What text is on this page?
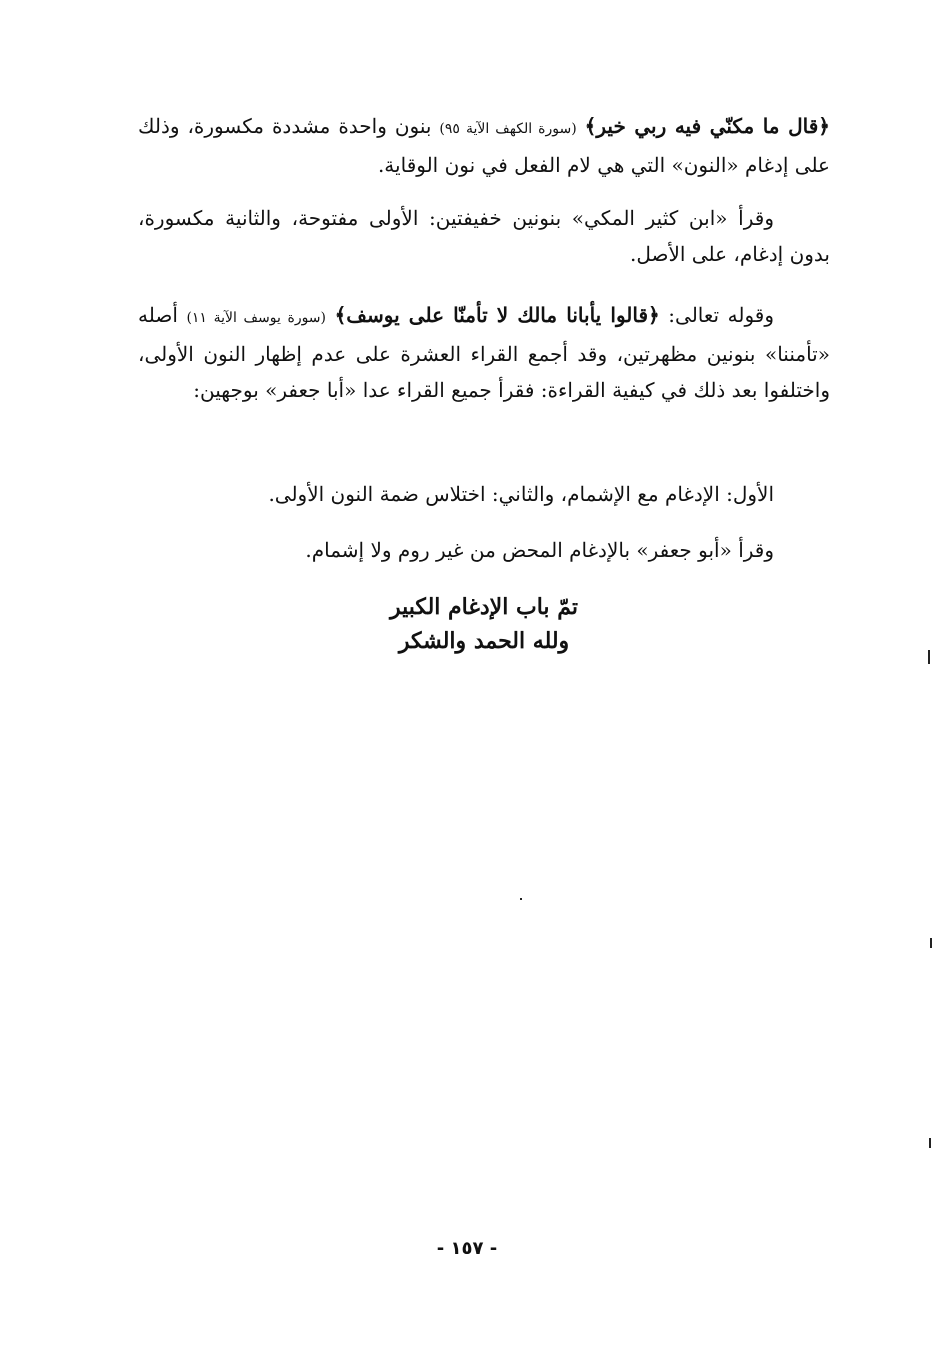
﴿قال ما مكنّي فيه ربي خير﴾ (سورة الكهف الآية ٩٥) بنون واحدة مشددة مكسورة، وذلك على إدغام «النون» التي هي لام الفعل في نون الوقاية.

وقرأ «ابن كثير المكي» بنونين خفيفتين: الأولى مفتوحة، والثانية مكسورة، بدون إدغام، على الأصل.

وقوله تعالى: ﴿قالوا يأبانا مالك لا تأمنّا على يوسف﴾ (سورة يوسف الآية ١١) أصله «تأمننا» بنونين مظهرتين، وقد أجمع القراء العشرة على عدم إظهار النون الأولى، واختلفوا بعد ذلك في كيفية القراءة: فقرأ جميع القراء عدا «أبا جعفر» بوجهين:

الأول: الإدغام مع الإشمام، والثاني: اختلاس ضمة النون الأولى.

وقرأ «أبو جعفر» بالإدغام المحض من غير روم ولا إشمام.

تمّ باب الإدغام الكبير
ولله الحمد والشكر
- ١٥٧ -
